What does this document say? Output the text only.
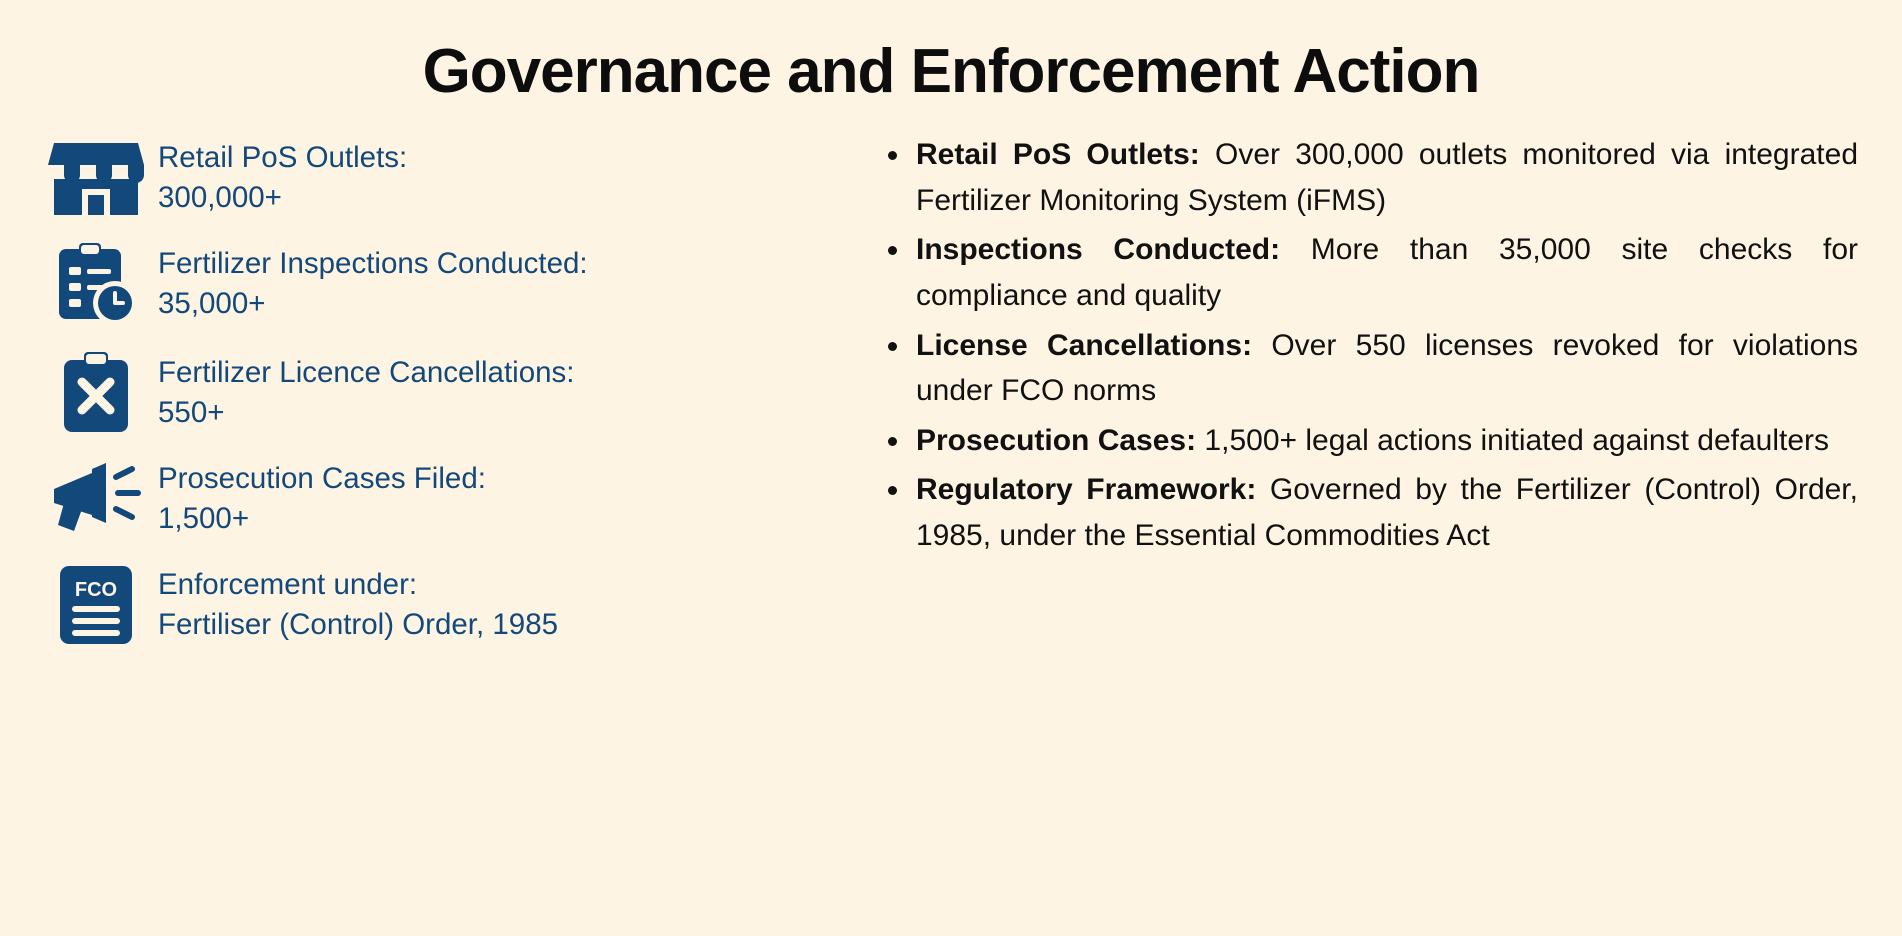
Governance and Enforcement Action
Retail PoS Outlets:
300,000+
Fertilizer Inspections Conducted:
35,000+
Fertilizer Licence Cancellations:
550+
Prosecution Cases Filed:
1,500+
FCO Enforcement under:
Fertiliser (Control) Order, 1985
Retail PoS Outlets: Over 300,000 outlets monitored via integrated Fertilizer Monitoring System (iFMS)
Inspections Conducted: More than 35,000 site checks for compliance and quality
License Cancellations: Over 550 licenses revoked for violations under FCO norms
Prosecution Cases: 1,500+ legal actions initiated against defaulters
Regulatory Framework: Governed by the Fertilizer (Control) Order, 1985, under the Essential Commodities Act
